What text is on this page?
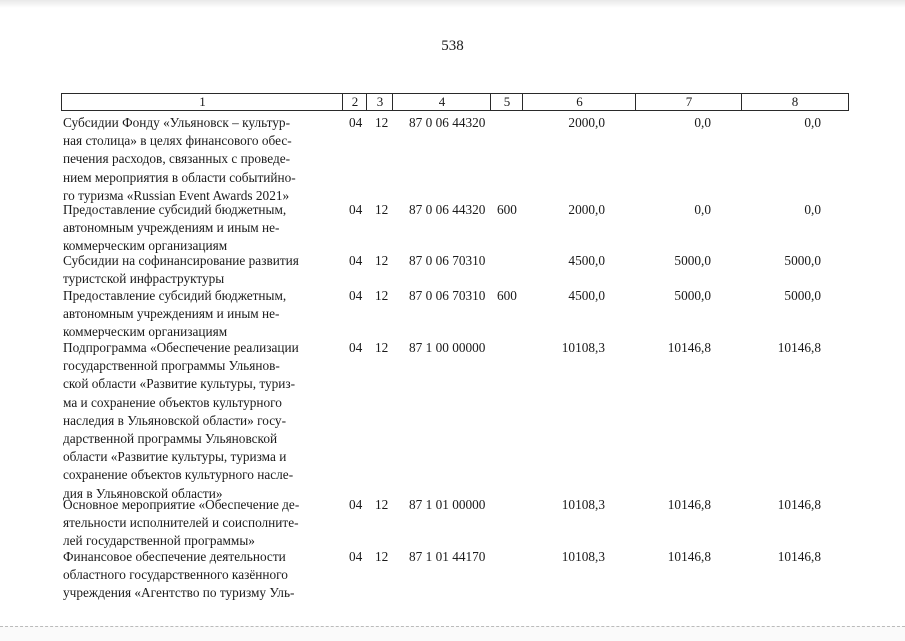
538
1	2	3	4	5	6	7	8
Субсидии Фонду «Ульяновск – культур-
ная столица» в целях финансового обес-
печения расходов, связанных с проведе-
нием мероприятия в области событийно-
го туризма «Russian Event Awards 2021»
04 12 87 0 06 44320	2000,0	0,0	0,0
Предоставление субсидий бюджетным,
автономным учреждениям и иным не-
коммерческим организациям
04 12 87 0 06 44320 600	2000,0	0,0	0,0
Субсидии на софинансирование развития
туристской инфраструктуры
04 12 87 0 06 70310	4500,0	5000,0	5000,0
Предоставление субсидий бюджетным,
автономным учреждениям и иным не-
коммерческим организациям
04 12 87 0 06 70310 600	4500,0	5000,0	5000,0
Подпрограмма «Обеспечение реализации
государственной программы Ульянов-
ской области «Развитие культуры, туриз-
ма и сохранение объектов культурного
наследия в Ульяновской области» госу-
дарственной программы Ульяновской
области «Развитие культуры, туризма и
сохранение объектов культурного насле-
дия в Ульяновской области»
04 12 87 1 00 00000	10108,3	10146,8	10146,8
Основное мероприятие «Обеспечение де-
ятельности исполнителей и соисполните-
лей государственной программы»
04 12 87 1 01 00000	10108,3	10146,8	10146,8
Финансовое обеспечение деятельности
областного государственного казённого
учреждения «Агентство по туризму Уль-
04 12 87 1 01 44170	10108,3	10146,8	10146,8
